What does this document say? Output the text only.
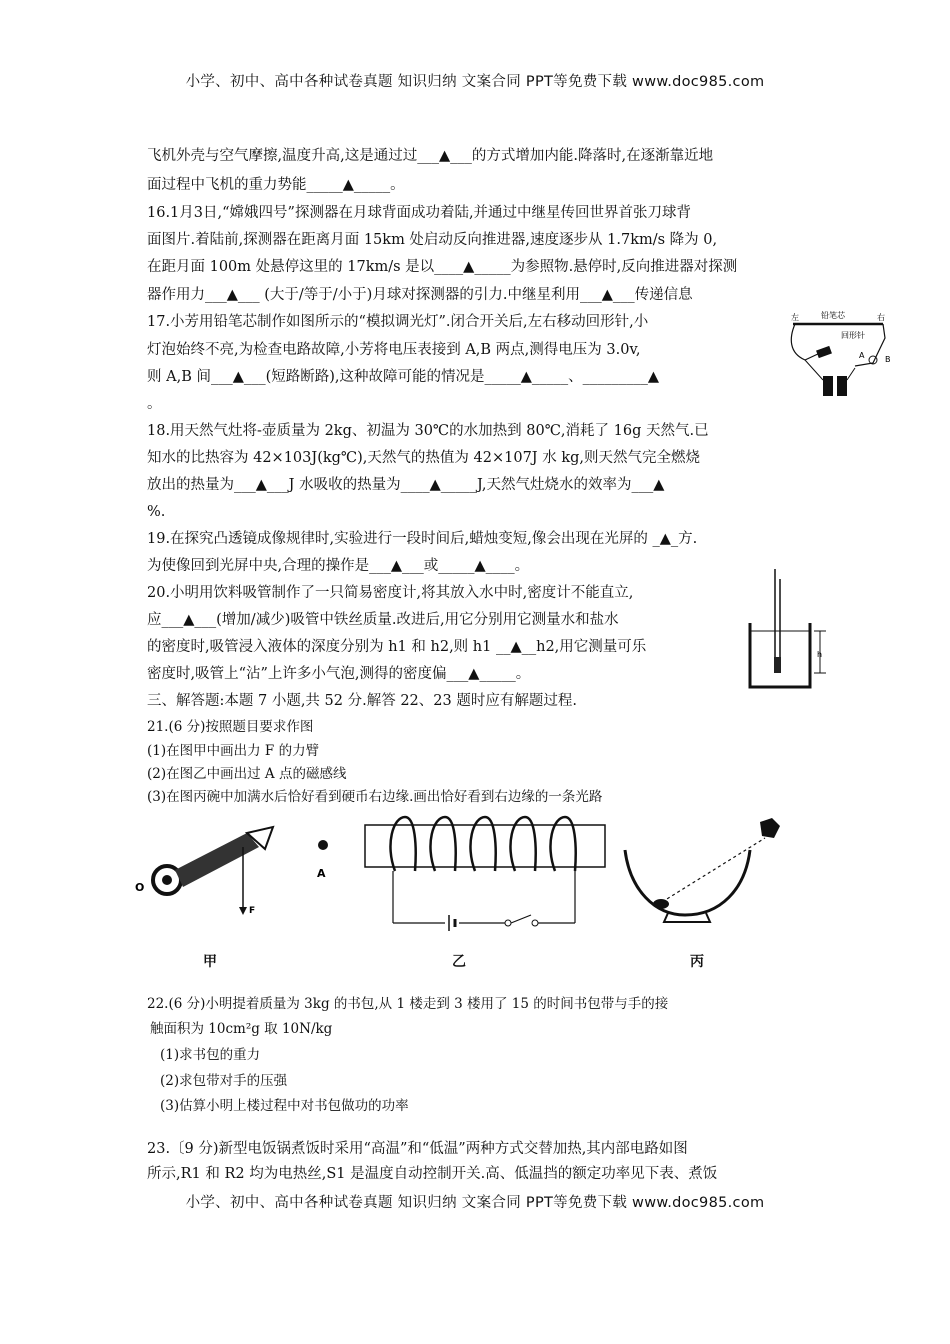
小学、初中、高中各种试卷真题 知识归纳 文案合同 PPT等免费下载 www.doc985.com
飞机外壳与空气摩擦,温度升高,这是通过过___▲___的方式增加内能.降落时,在逐渐靠近地
面过程中飞机的重力势能_____▲_____。
16.1月3日,“嫦娥四号”探测器在月球背面成功着陆,并通过中继星传回世界首张刀球背
面图片.着陆前,探测器在距离月面 15km 处启动反向推进器,速度逐步从 1.7km/s 降为 0,
在距月面 100m 处悬停这里的 17km/s 是以____▲_____为参照物.悬停时,反向推进器对探测
器作用力___▲___ (大于/等于/小于)月球对探测器的引力.中继星利用___▲___传递信息
17.小芳用铅笔芯制作如图所示的“模拟调光灯”.闭合开关后,左右移动回形针,小
灯泡始终不亮,为检查电路故障,小芳将电压表接到 A,B 两点,测得电压为 3.0v,
则 A,B 间___▲___(短路断路),这种故障可能的情况是_____▲_____、_________▲
。
18.用天然气灶将-壶质量为 2kg、初温为 30℃的水加热到 80℃,消耗了 16g 天然气.已
知水的比热容为 42×103J(kg℃),天然气的热值为 42×107J 水 kg,则天然气完全燃烧
放出的热量为___▲___J 水吸收的热量为____▲_____J,天然气灶烧水的效率为___▲
%.
19.在探究凸透镜成像规律时,实验进行一段时间后,蜡烛变短,像会出现在光屏的 _▲_方.
为使像回到光屏中央,合理的操作是___▲___或_____▲____。
20.小明用饮料吸管制作了一只简易密度计,将其放入水中时,密度计不能直立,
应___▲___(增加/减少)吸管中铁丝质量.改进后,用它分别用它测量水和盐水
的密度时,吸管浸入液体的深度分别为 h1 和 h2,则 h1 __▲__h2,用它测量可乐
密度时,吸管上“沾”上许多小气泡,测得的密度偏___▲_____。
三、解答题:本题 7 小题,共 52 分.解答 22、23 题时应有解题过程.
21.(6 分)按照题目要求作图
(1)在图甲中画出力 F 的力臂
(2)在图乙中画出过 A 点的磁感线
(3)在图丙碗中加满水后恰好看到硬币右边缘.画出恰好看到右边缘的一条光路
22.(6 分)小明提着质量为 3kg 的书包,从 1 楼走到 3 楼用了 15 的时间书包带与手的接
触面积为 10cm²g 取 10N/kg
(1)求书包的重力
(2)求包带对手的压强
(3)估算小明上楼过程中对书包做功的功率
23.〔9 分)新型电饭锅煮饭时采用“高温”和“低温”两种方式交替加热,其内部电路如图
所示,R1 和 R2 均为电热丝,S1 是温度自动控制开关.高、低温挡的额定功率见下表、煮饭
小学、初中、高中各种试卷真题 知识归纳 文案合同 PPT等免费下载 www.doc985.com
左	铅笔芯	右
回形针
A	B
h
O
F
A
甲	乙	丙
